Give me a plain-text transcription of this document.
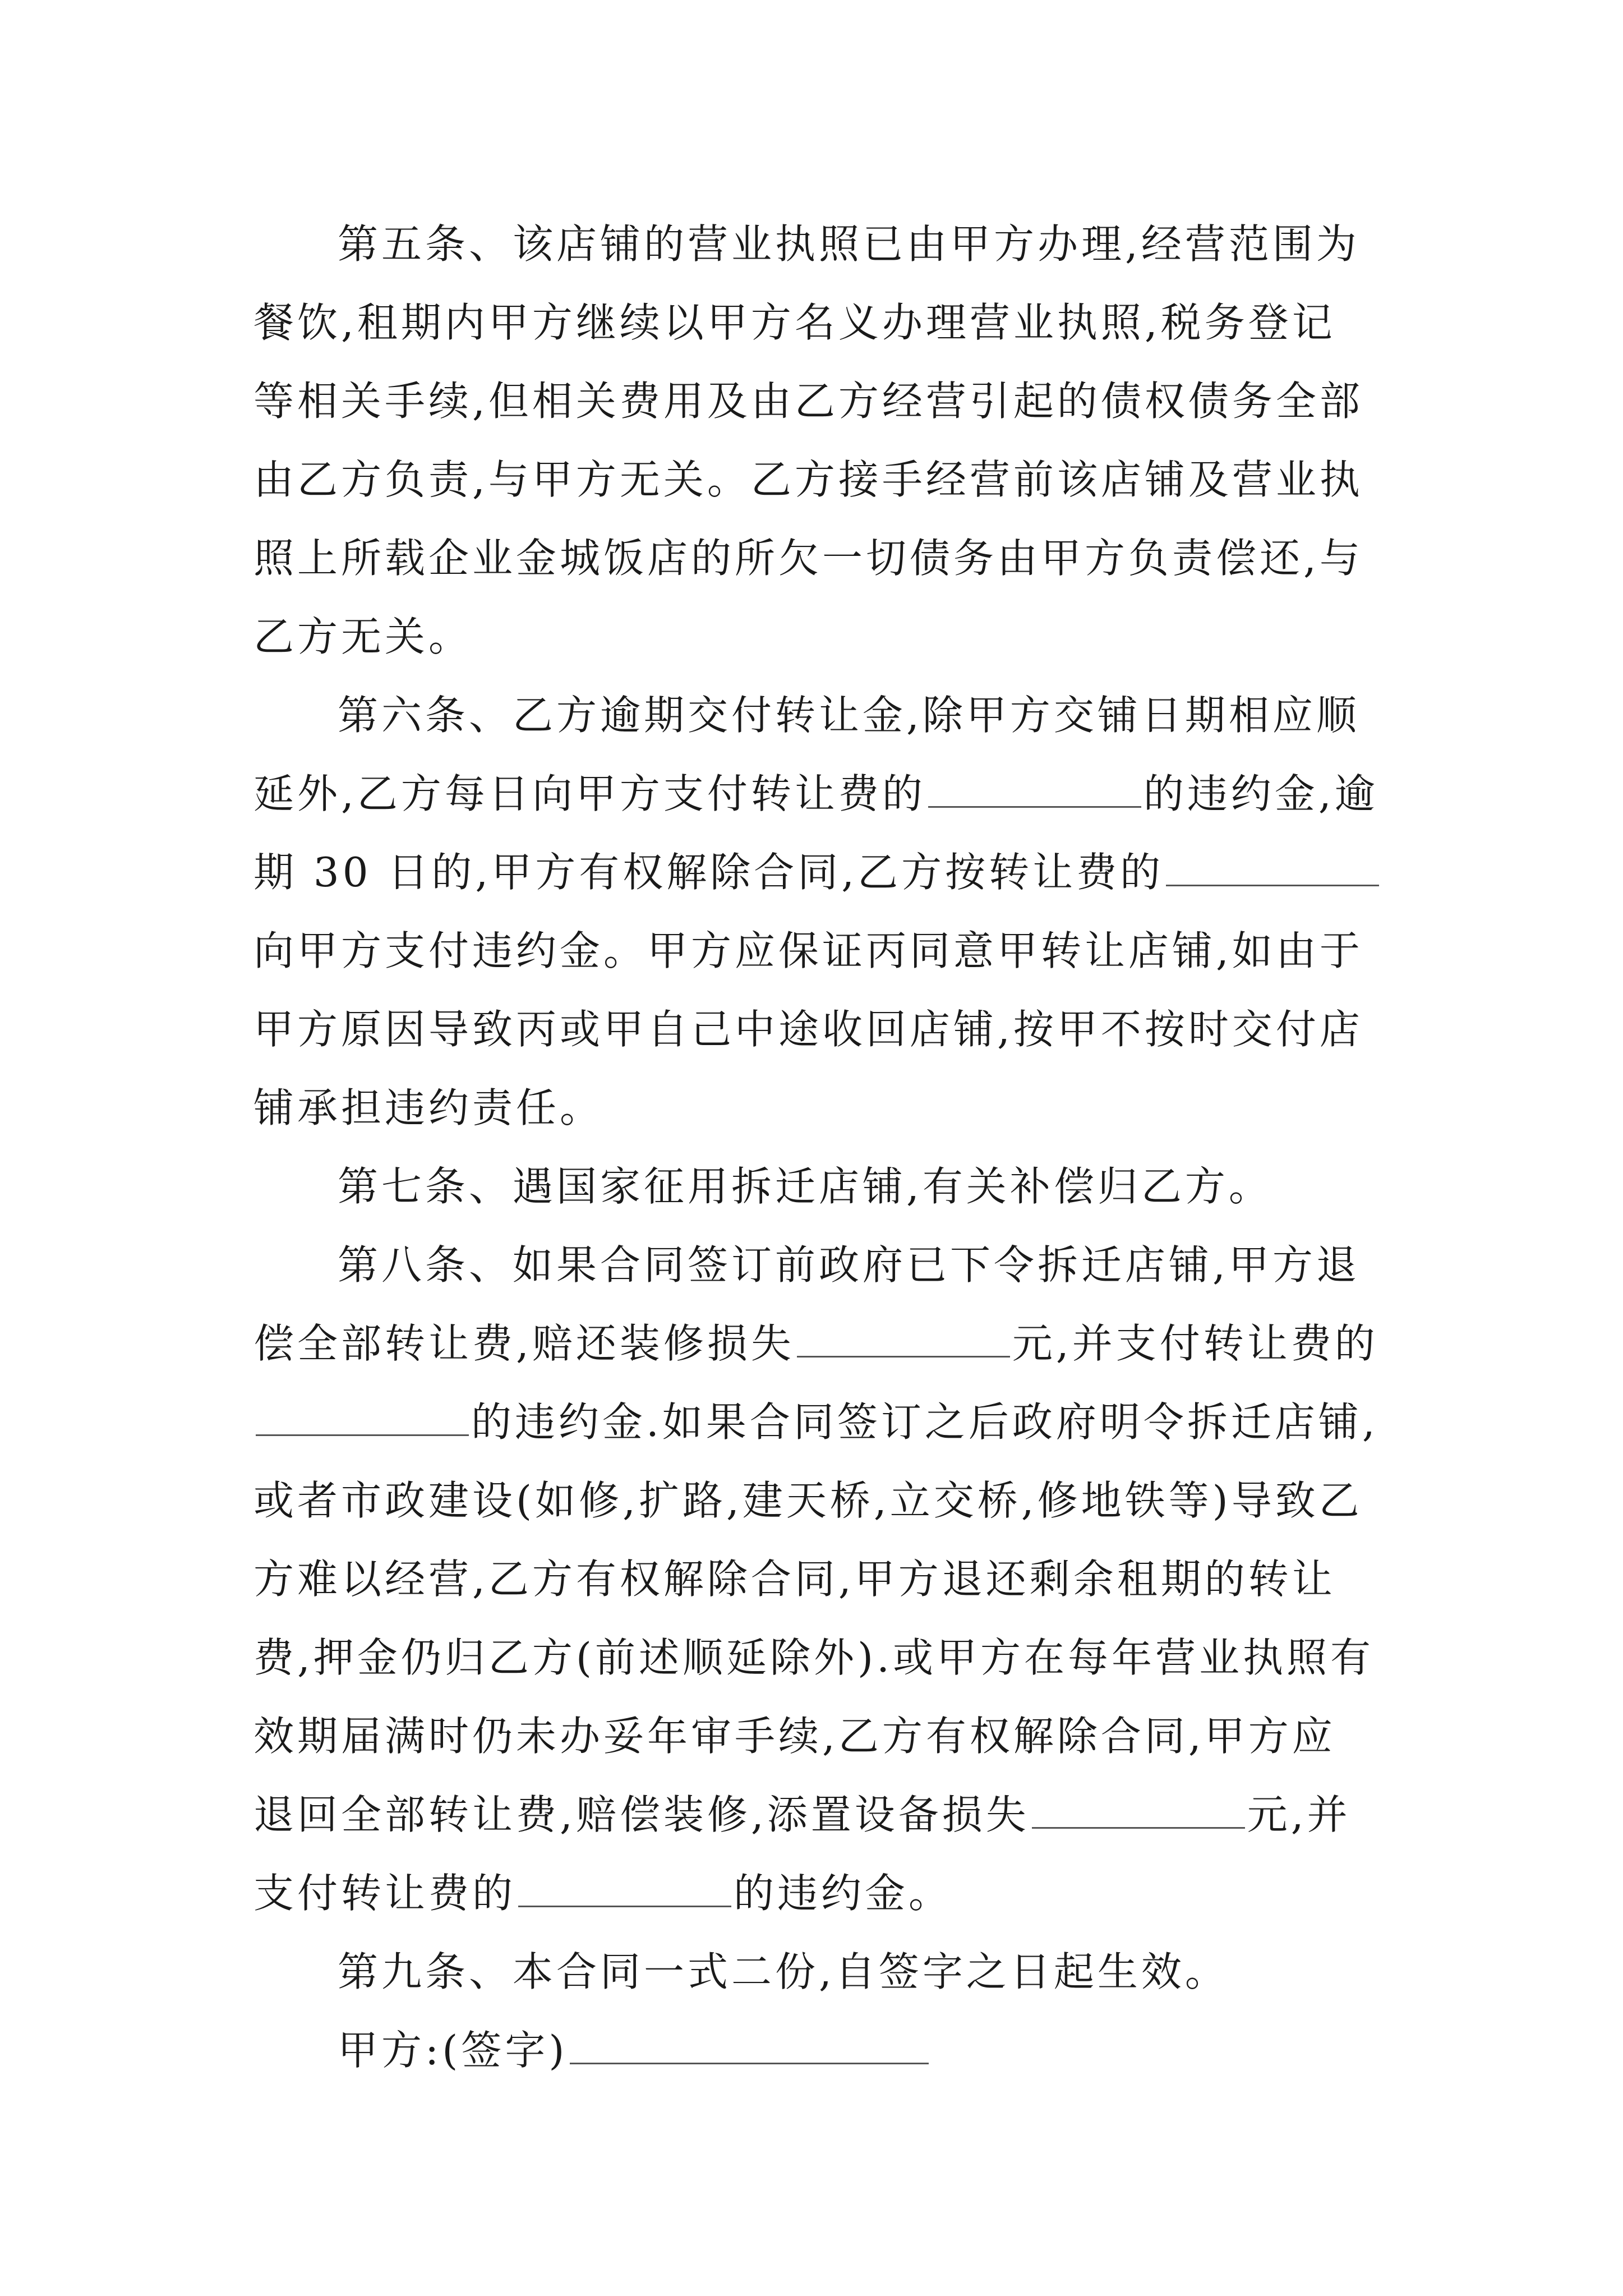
第五条、该店铺的营业执照已由甲方办理,经营范围为
餐饮,租期内甲方继续以甲方名义办理营业执照,税务登记
等相关手续,但相关费用及由乙方经营引起的债权债务全部
由乙方负责,与甲方无关。乙方接手经营前该店铺及营业执
照上所载企业金城饭店的所欠一切债务由甲方负责偿还,与
乙方无关。
第六条、乙方逾期交付转让金,除甲方交铺日期相应顺
延外,乙方每日向甲方支付转让费的	的违约金,逾
期 30 日的,甲方有权解除合同,乙方按转让费的
向甲方支付违约金。甲方应保证丙同意甲转让店铺,如由于
甲方原因导致丙或甲自己中途收回店铺,按甲不按时交付店
铺承担违约责任。
第七条、遇国家征用拆迁店铺,有关补偿归乙方。
第八条、如果合同签订前政府已下令拆迁店铺,甲方退
偿全部转让费,赔还装修损失	元,并支付转让费的
的违约金.如果合同签订之后政府明令拆迁店铺,
或者市政建设(如修,扩路,建天桥,立交桥,修地铁等)导致乙
方难以经营,乙方有权解除合同,甲方退还剩余租期的转让
费,押金仍归乙方(前述顺延除外).或甲方在每年营业执照有
效期届满时仍未办妥年审手续,乙方有权解除合同,甲方应
退回全部转让费,赔偿装修,添置设备损失	元,并
支付转让费的	的违约金。
第九条、本合同一式二份,自签字之日起生效。
甲方:(签字)
